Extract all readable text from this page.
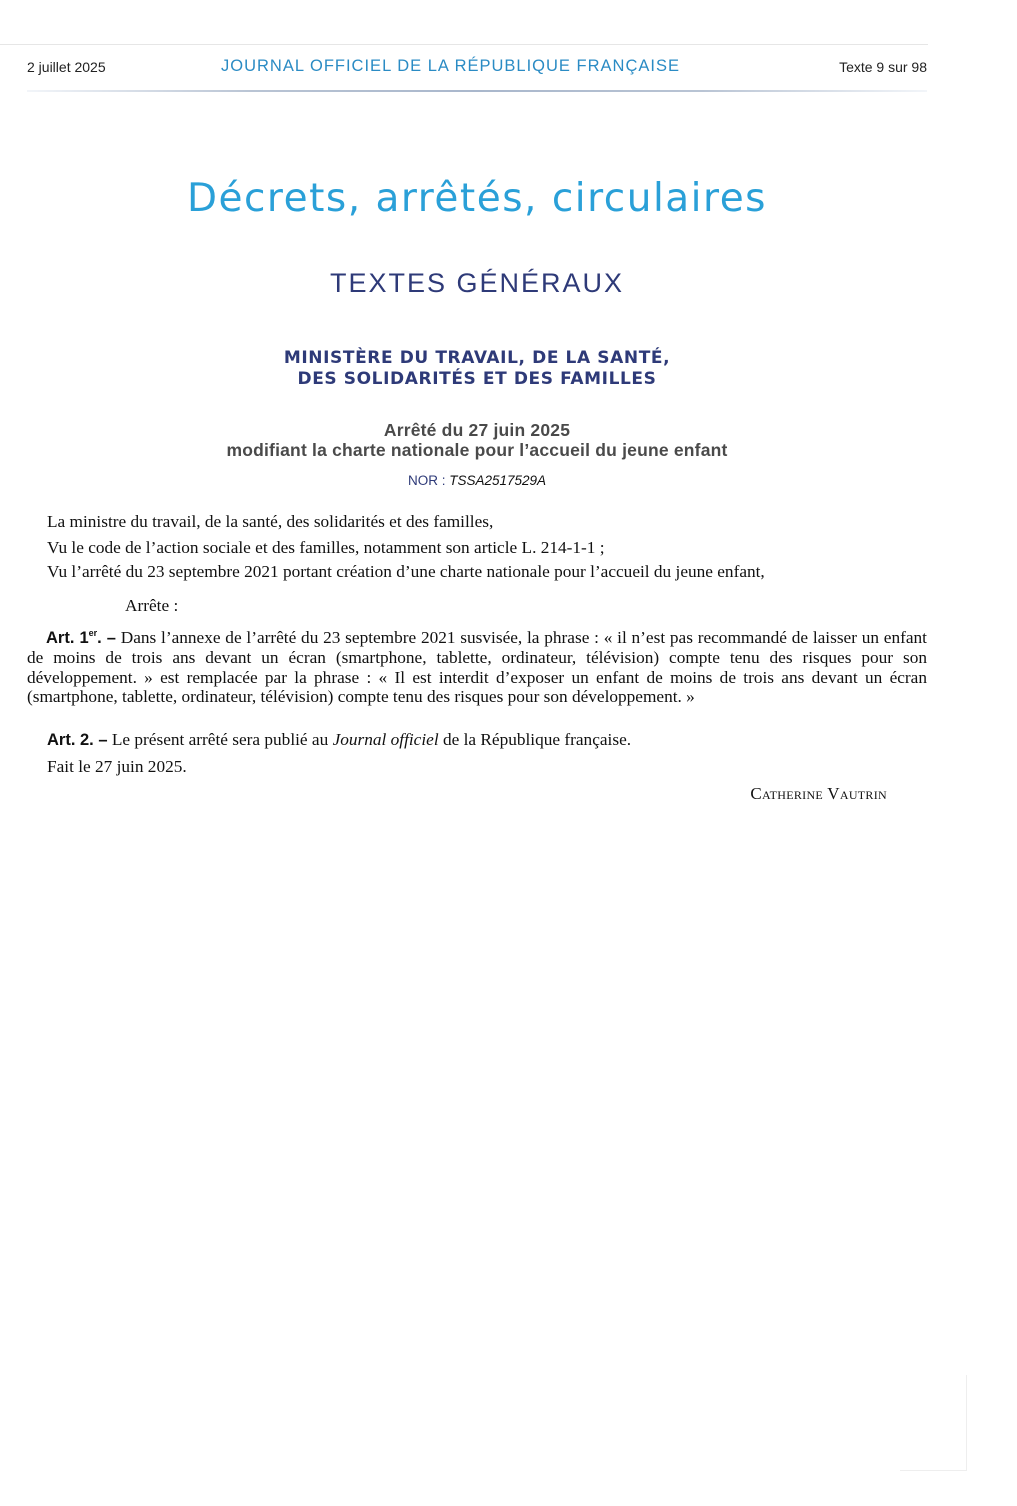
2 juillet 2025	JOURNAL OFFICIEL DE LA RÉPUBLIQUE FRANÇAISE	Texte 9 sur 98
Décrets, arrêtés, circulaires
TEXTES GÉNÉRAUX
MINISTÈRE DU TRAVAIL, DE LA SANTÉ,
DES SOLIDARITÉS ET DES FAMILLES
Arrêté du 27 juin 2025
modifiant la charte nationale pour l’accueil du jeune enfant
NOR : TSSA2517529A
La ministre du travail, de la santé, des solidarités et des familles,
Vu le code de l’action sociale et des familles, notamment son article L. 214-1-1 ;
Vu l’arrêté du 23 septembre 2021 portant création d’une charte nationale pour l’accueil du jeune enfant,
Arrête :
Art. 1er. – Dans l’annexe de l’arrêté du 23 septembre 2021 susvisée, la phrase : « il n’est pas recommandé de laisser un enfant de moins de trois ans devant un écran (smartphone, tablette, ordinateur, télévision) compte tenu des risques pour son développement. » est remplacée par la phrase : « Il est interdit d’exposer un enfant de moins de trois ans devant un écran (smartphone, tablette, ordinateur, télévision) compte tenu des risques pour son développement. »
Art. 2. – Le présent arrêté sera publié au Journal officiel de la République française.
Fait le 27 juin 2025.
Catherine Vautrin
